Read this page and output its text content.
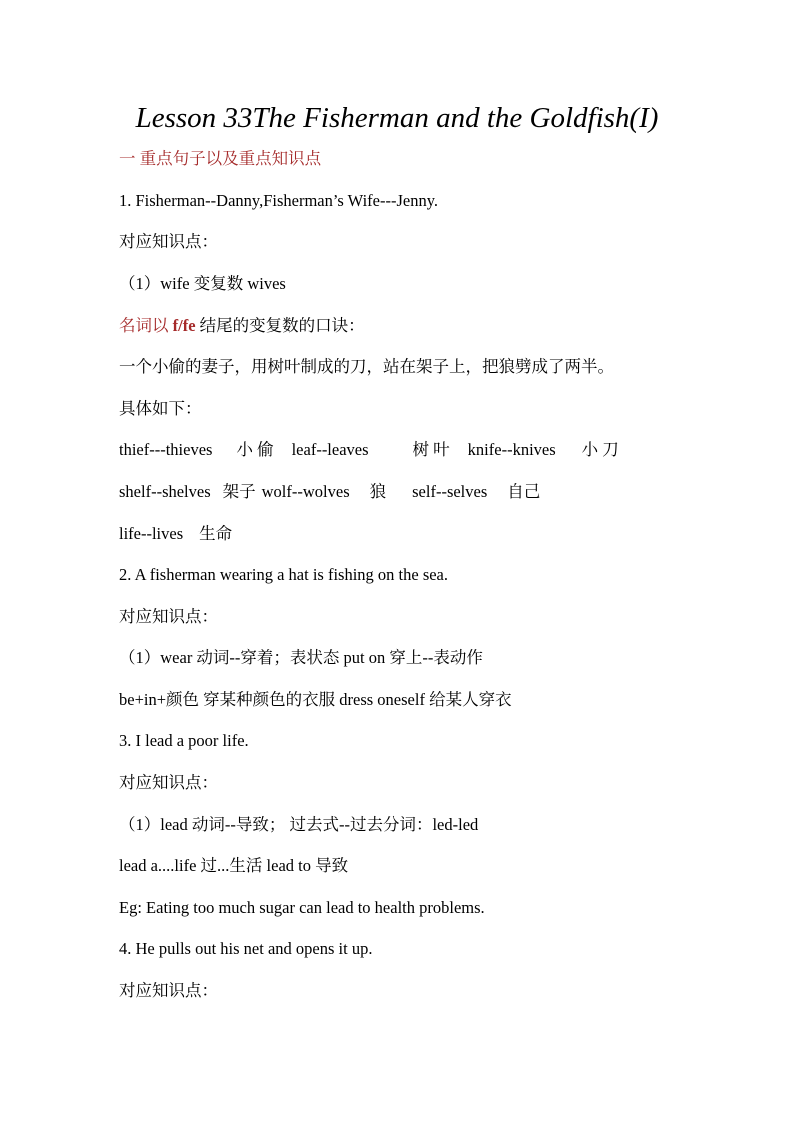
Lesson 33The Fisherman and the Goldfish(I)
一 重点句子以及重点知识点
1. Fisherman--Danny,Fisherman’s Wife---Jenny.
对应知识点：
（1）wife 变复数 wives
名词以 f/fe 结尾的变复数的口诀：
一个小偷的妻子，用树叶制成的刀，站在架子上，把狼劈成了两半。
具体如下：
thief---thieves 小 偷 leaf--leaves	树 叶 knife--knives 小 刀
shelf--shelves 架子 wolf--wolves 狼 self--selves 自己
life--lives 生命
2. A fisherman wearing a hat is fishing on the sea.
对应知识点：
（1）wear 动词--穿着；表状态 put on 穿上--表动作
be+in+颜色 穿某种颜色的衣服 dress oneself 给某人穿衣
3. I lead a poor life.
对应知识点：
（1）lead 动词--导致； 过去式--过去分词：led-led
lead a....life 过...生活 lead to 导致
Eg: Eating too much sugar can lead to health problems.
4. He pulls out his net and opens it up.
对应知识点：
